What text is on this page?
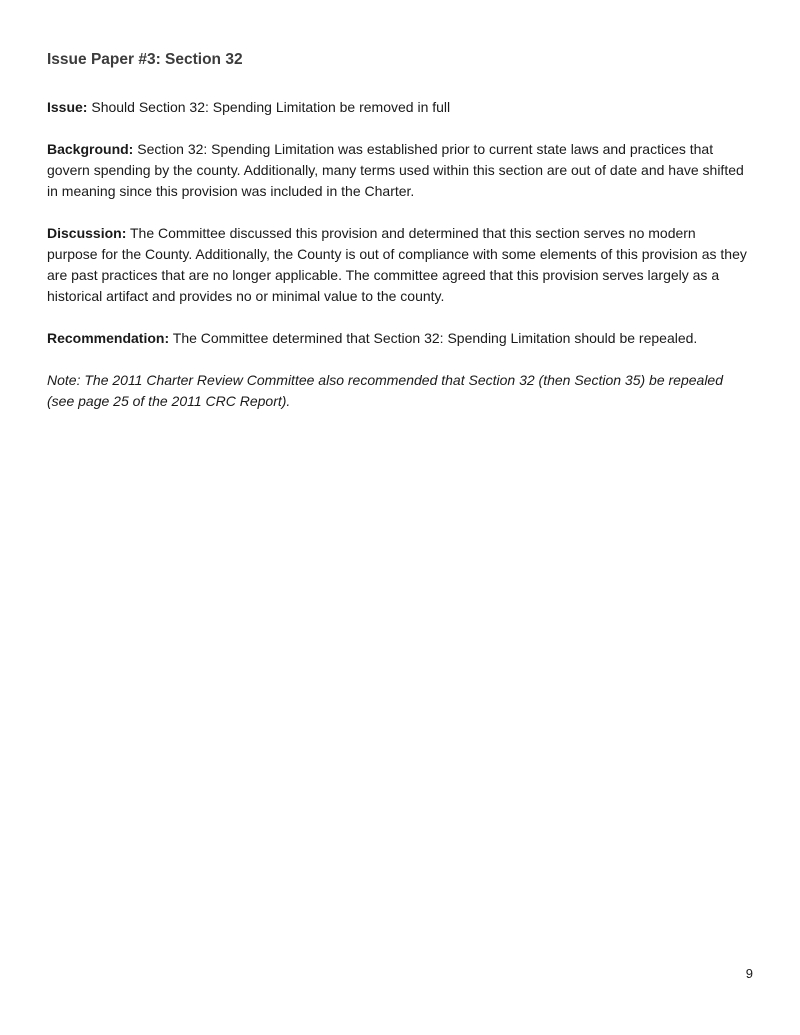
Issue Paper #3: Section 32

Issue: Should Section 32: Spending Limitation be removed in full

Background: Section 32: Spending Limitation was established prior to current state laws and practices that govern spending by the county. Additionally, many terms used within this section are out of date and have shifted in meaning since this provision was included in the Charter.

Discussion: The Committee discussed this provision and determined that this section serves no modern purpose for the County. Additionally, the County is out of compliance with some elements of this provision as they are past practices that are no longer applicable. The committee agreed that this provision serves largely as a historical artifact and provides no or minimal value to the county.

Recommendation: The Committee determined that Section 32: Spending Limitation should be repealed.

Note: The 2011 Charter Review Committee also recommended that Section 32 (then Section 35) be repealed (see page 25 of the 2011 CRC Report).

9
